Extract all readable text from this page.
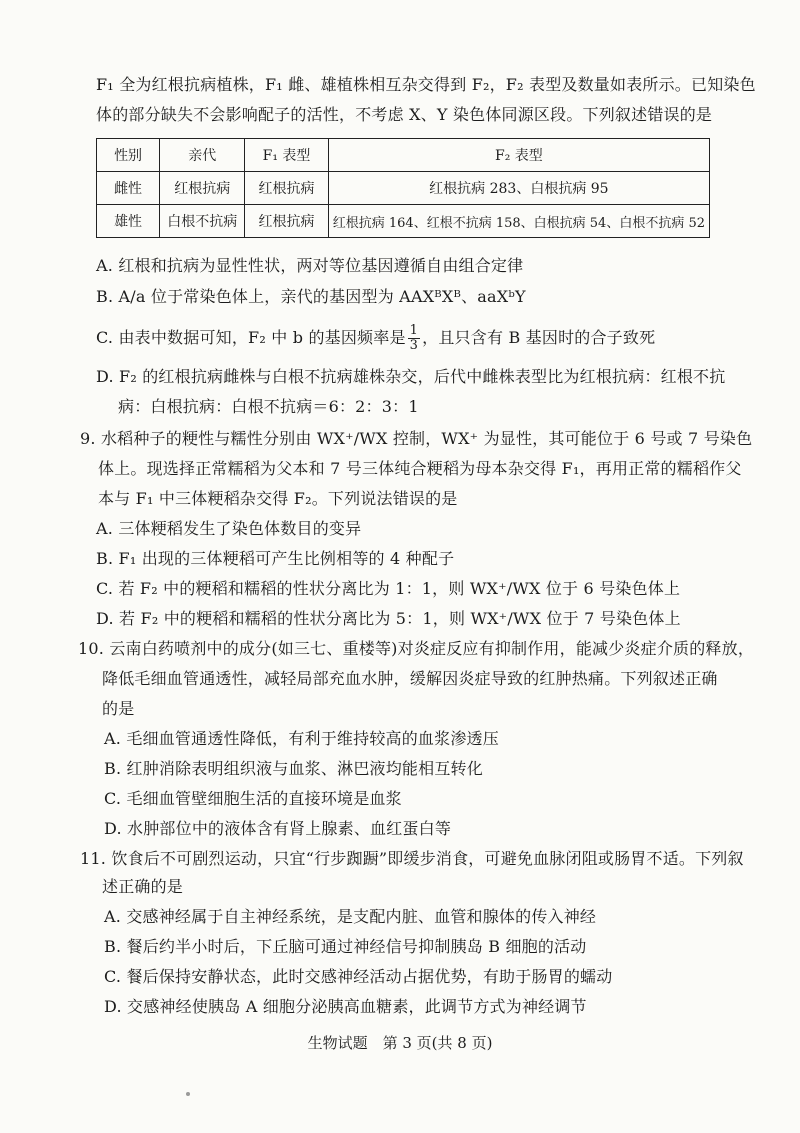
F₁ 全为红根抗病植株，F₁ 雌、雄植株相互杂交得到 F₂，F₂ 表型及数量如表所示。已知染色
体的部分缺失不会影响配子的活性，不考虑 X、Y 染色体同源区段。下列叙述错误的是
性别	亲代	F₁ 表型	F₂ 表型
雌性	红根抗病	红根抗病	红根抗病 283、白根抗病 95
雄性	白根不抗病	红根抗病	红根抗病 164、红根不抗病 158、白根抗病 54、白根不抗病 52
A. 红根和抗病为显性性状，两对等位基因遵循自由组合定律
B. A/a 位于常染色体上，亲代的基因型为 AAXᴮXᴮ、aaXᵇY
C. 由表中数据可知，F₂ 中 b 的基因频率是 $\frac{1}{3}$ ，且只含有 B 基因时的合子致死
D. F₂ 的红根抗病雌株与白根不抗病雄株杂交，后代中雌株表型比为红根抗病：红根不抗
病：白根抗病：白根不抗病＝6：2：3：1
9. 水稻种子的粳性与糯性分别由 WX⁺/WX 控制，WX⁺ 为显性，其可能位于 6 号或 7 号染色
体上。现选择正常糯稻为父本和 7 号三体纯合粳稻为母本杂交得 F₁，再用正常的糯稻作父
本与 F₁ 中三体粳稻杂交得 F₂。下列说法错误的是
A. 三体粳稻发生了染色体数目的变异
B. F₁ 出现的三体粳稻可产生比例相等的 4 种配子
C. 若 F₂ 中的粳稻和糯稻的性状分离比为 1：1，则 WX⁺/WX 位于 6 号染色体上
D. 若 F₂ 中的粳稻和糯稻的性状分离比为 5：1，则 WX⁺/WX 位于 7 号染色体上
10. 云南白药喷剂中的成分(如三七、重楼等)对炎症反应有抑制作用，能减少炎症介质的释放，
降低毛细血管通透性，减轻局部充血水肿，缓解因炎症导致的红肿热痛。下列叙述正确
的是
A. 毛细血管通透性降低，有利于维持较高的血浆渗透压
B. 红肿消除表明组织液与血浆、淋巴液均能相互转化
C. 毛细血管壁细胞生活的直接环境是血浆
D. 水肿部位中的液体含有肾上腺素、血红蛋白等
11. 饮食后不可剧烈运动，只宜“行步踟蹰”即缓步消食，可避免血脉闭阻或肠胃不适。下列叙
述正确的是
A. 交感神经属于自主神经系统，是支配内脏、血管和腺体的传入神经
B. 餐后约半小时后，下丘脑可通过神经信号抑制胰岛 B 细胞的活动
C. 餐后保持安静状态，此时交感神经活动占据优势，有助于肠胃的蠕动
D. 交感神经使胰岛 A 细胞分泌胰高血糖素，此调节方式为神经调节
生物试题　第 3 页(共 8 页)
